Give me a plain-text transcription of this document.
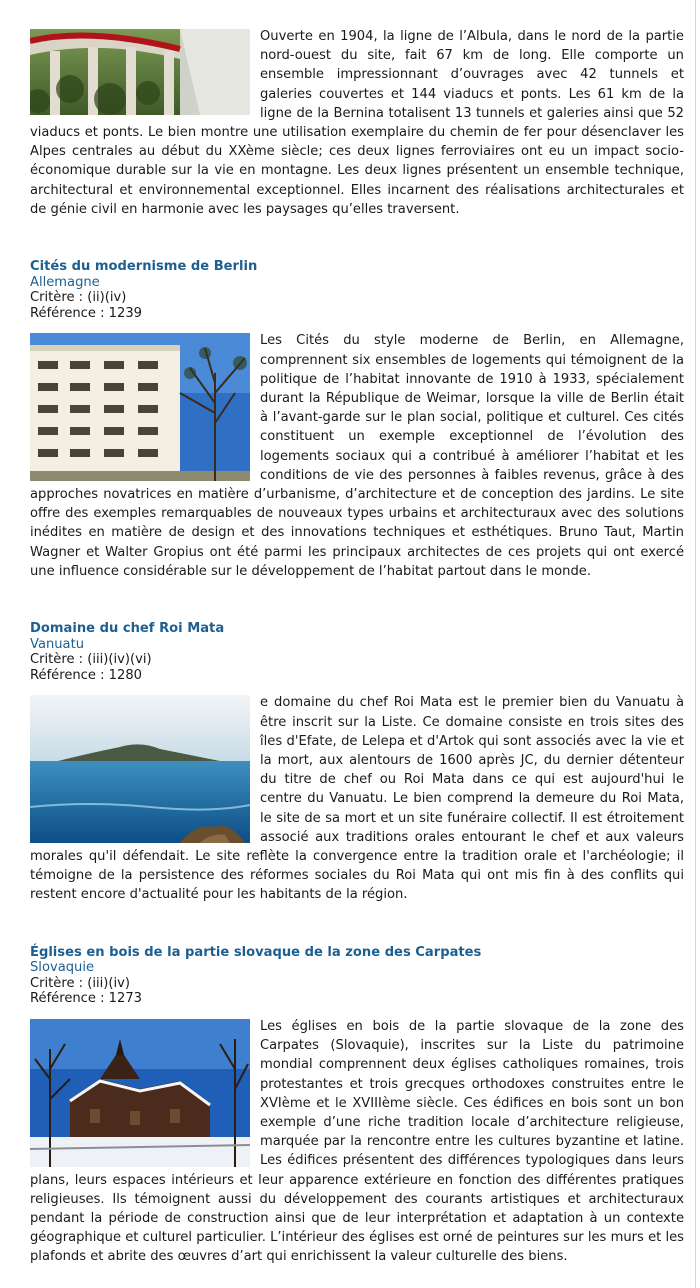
Ouverte en 1904, la ligne de l’Albula, dans le nord de la partie nord-ouest du site, fait 67 km de long. Elle comporte un ensemble impressionnant d’ouvrages avec 42 tunnels et galeries couvertes et 144 viaducs et ponts. Les 61 km de la ligne de la Bernina totalisent 13 tunnels et galeries ainsi que 52 viaducs et ponts. Le bien montre une utilisation exemplaire du chemin de fer pour désenclaver les Alpes centrales au début du XXème siècle; ces deux lignes ferroviaires ont eu un impact socio-économique durable sur la vie en montagne. Les deux lignes présentent un ensemble technique, architectural et environnemental exceptionnel. Elles incarnent des réalisations architecturales et de génie civil en harmonie avec les paysages qu’elles traversent.

Cités du modernisme de Berlin
Allemagne
Critère : (ii)(iv)
Référence : 1239

Les Cités du style moderne de Berlin, en Allemagne, comprennent six ensembles de logements qui témoignent de la politique de l’habitat innovante de 1910 à 1933, spécialement durant la République de Weimar, lorsque la ville de Berlin était à l’avant-garde sur le plan social, politique et culturel. Ces cités constituent un exemple exceptionnel de l’évolution des logements sociaux qui a contribué à améliorer l’habitat et les conditions de vie des personnes à faibles revenus, grâce à des approches novatrices en matière d’urbanisme, d’architecture et de conception des jardins. Le site offre des exemples remarquables de nouveaux types urbains et architecturaux avec des solutions inédites en matière de design et des innovations techniques et esthétiques. Bruno Taut, Martin Wagner et Walter Gropius ont été parmi les principaux architectes de ces projets qui ont exercé une influence considérable sur le développement de l’habitat partout dans le monde.

Domaine du chef Roi Mata
Vanuatu
Critère : (iii)(iv)(vi)
Référence : 1280

e domaine du chef Roi Mata est le premier bien du Vanuatu à être inscrit sur la Liste. Ce domaine consiste en trois sites des îles d'Efate, de Lelepa et d'Artok qui sont associés avec la vie et la mort, aux alentours de 1600 après JC, du dernier détenteur du titre de chef ou Roi Mata dans ce qui est aujourd'hui le centre du Vanuatu. Le bien comprend la demeure du Roi Mata, le site de sa mort et un site funéraire collectif. Il est étroitement associé aux traditions orales entourant le chef et aux valeurs morales qu'il défendait. Le site reflète la convergence entre la tradition orale et l'archéologie; il témoigne de la persistence des réformes sociales du Roi Mata qui ont mis fin à des conflits qui restent encore d'actualité pour les habitants de la région.

Églises en bois de la partie slovaque de la zone des Carpates
Slovaquie
Critère : (iii)(iv)
Référence : 1273

Les églises en bois de la partie slovaque de la zone des Carpates (Slovaquie), inscrites sur la Liste du patrimoine mondial comprennent deux églises catholiques romaines, trois protestantes et trois grecques orthodoxes construites entre le XVIème et le XVIIIème siècle. Ces édifices en bois sont un bon exemple d’une riche tradition locale d’architecture religieuse, marquée par la rencontre entre les cultures byzantine et latine. Les édifices présentent des différences typologiques dans leurs plans, leurs espaces intérieurs et leur apparence extérieure en fonction des différentes pratiques religieuses. Ils témoignent aussi du développement des courants artistiques et architecturaux pendant la période de construction ainsi que de leur interprétation et adaptation à un contexte géographique et culturel particulier. L’intérieur des églises est orné de peintures sur les murs et les plafonds et abrite des œuvres d’art qui enrichissent la valeur culturelle des biens.
